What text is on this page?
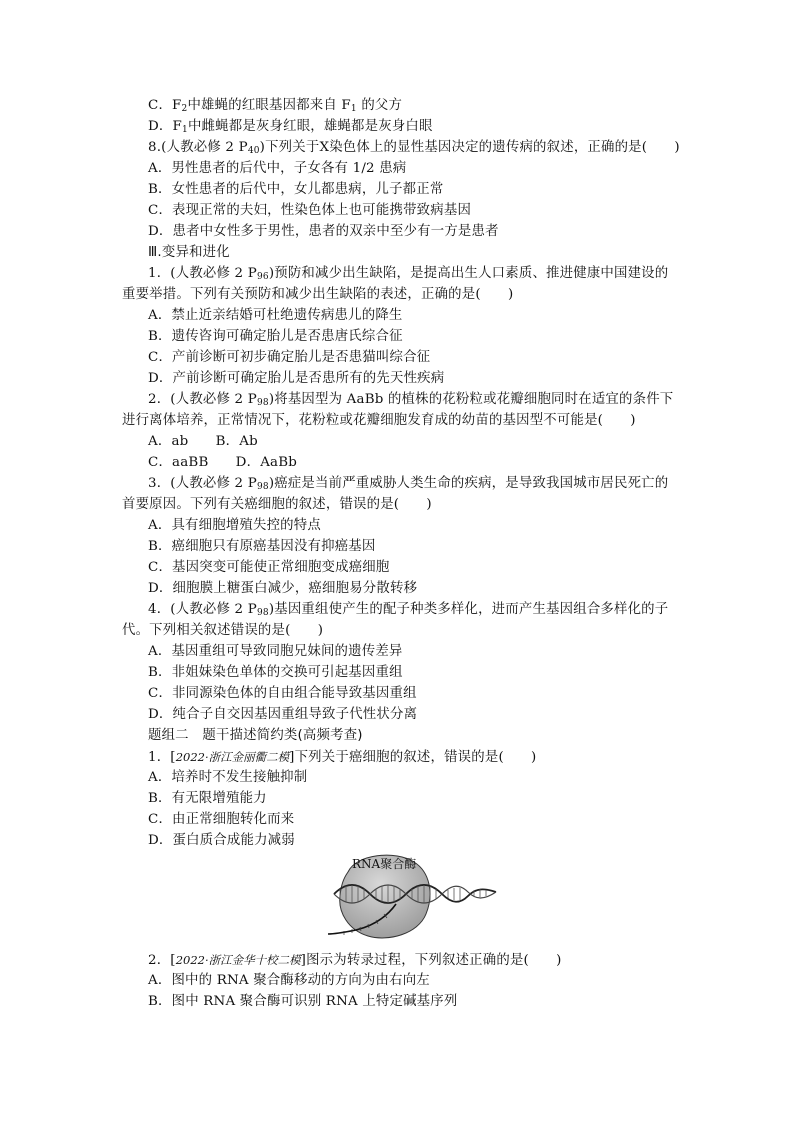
C．$F_2$中雄蝇的红眼基因都来自 $F_1$ 的父方
D．$F_1$中雌蝇都是灰身红眼，雄蝇都是灰身白眼
8.(人教必修 2 $P_{40}$)下列关于X染色体上的显性基因决定的遗传病的叙述，正确的是(　　)
A．男性患者的后代中，子女各有 1/2 患病
B．女性患者的后代中，女儿都患病，儿子都正常
C．表现正常的夫妇，性染色体上也可能携带致病基因
D．患者中女性多于男性，患者的双亲中至少有一方是患者
Ⅲ.变异和进化
1．(人教必修 2 $P_{96}$)预防和减少出生缺陷，是提高出生人口素质、推进健康中国建设的
重要举措。下列有关预防和减少出生缺陷的表述，正确的是(　　)
A．禁止近亲结婚可杜绝遗传病患儿的降生
B．遗传咨询可确定胎儿是否患唐氏综合征
C．产前诊断可初步确定胎儿是否患猫叫综合征
D．产前诊断可确定胎儿是否患所有的先天性疾病
2．(人教必修 2 $P_{98}$)将基因型为 AaBb 的植株的花粉粒或花瓣细胞同时在适宜的条件下
进行离体培养，正常情况下，花粉粒或花瓣细胞发育成的幼苗的基因型不可能是(　　)
A．ab　　B．Ab
C．aaBB　　D．AaBb
3．(人教必修 2 $P_{98}$)癌症是当前严重威胁人类生命的疾病，是导致我国城市居民死亡的
首要原因。下列有关癌细胞的叙述，错误的是(　　)
A．具有细胞增殖失控的特点
B．癌细胞只有原癌基因没有抑癌基因
C．基因突变可能使正常细胞变成癌细胞
D．细胞膜上糖蛋白减少，癌细胞易分散转移
4．(人教必修 2 $P_{98}$)基因重组使产生的配子种类多样化，进而产生基因组合多样化的子
代。下列相关叙述错误的是(　　)
A．基因重组可导致同胞兄妹间的遗传差异
B．非姐妹染色单体的交换可引起基因重组
C．非同源染色体的自由组合能导致基因重组
D．纯合子自交因基因重组导致子代性状分离
题组二　题干描述简约类(高频考查)
1．[2022·浙江金丽衢二模]下列关于癌细胞的叙述，错误的是(　　)
A．培养时不发生接触抑制
B．有无限增殖能力
C．由正常细胞转化而来
D．蛋白质合成能力减弱
RNA聚合酶
2．[2022·浙江金华十校二模]图示为转录过程，下列叙述正确的是(　　)
A．图中的 RNA 聚合酶移动的方向为由右向左
B．图中 RNA 聚合酶可识别 RNA 上特定碱基序列
